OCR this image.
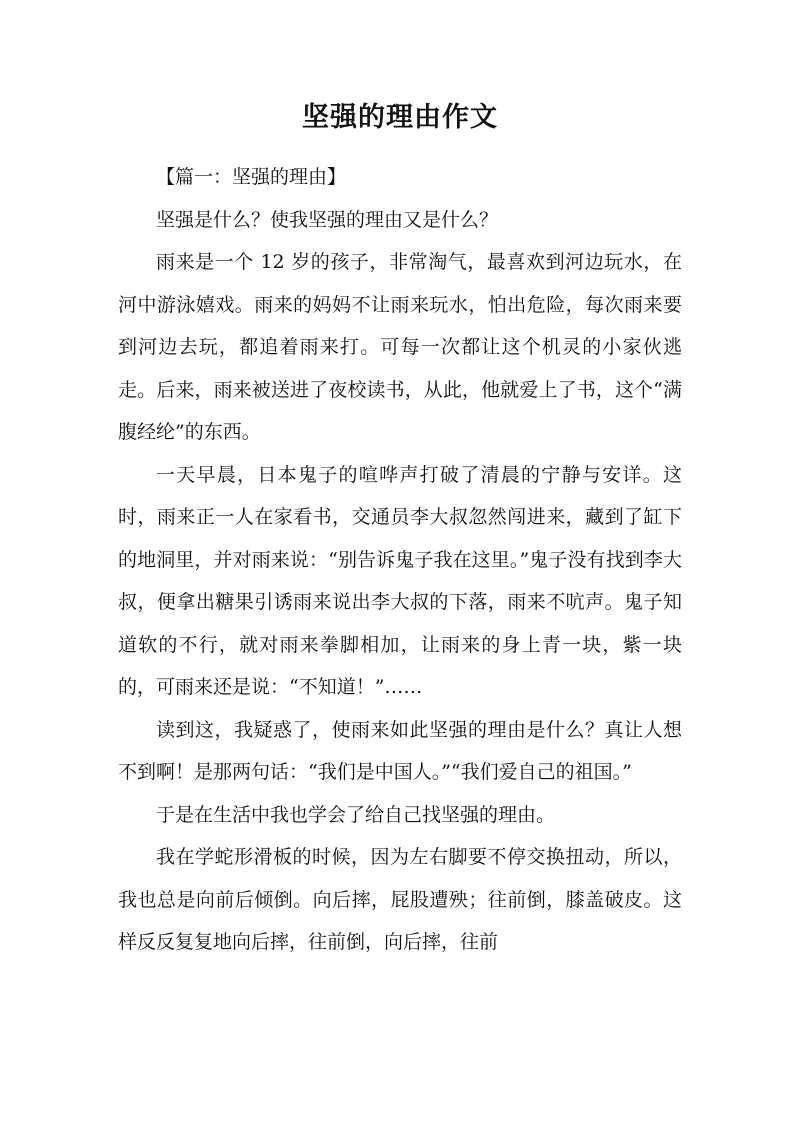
坚强的理由作文

【篇一：坚强的理由】

坚强是什么？使我坚强的理由又是什么？

雨来是一个 12 岁的孩子，非常淘气，最喜欢到河边玩水，在河中游泳嬉戏。雨来的妈妈不让雨来玩水，怕出危险，每次雨来要到河边去玩，都追着雨来打。可每一次都让这个机灵的小家伙逃走。后来，雨来被送进了夜校读书，从此，他就爱上了书，这个“满腹经纶”的东西。

一天早晨，日本鬼子的喧哗声打破了清晨的宁静与安详。这时，雨来正一人在家看书，交通员李大叔忽然闯进来，藏到了缸下的地洞里，并对雨来说：“别告诉鬼子我在这里。”鬼子没有找到李大叔，便拿出糖果引诱雨来说出李大叔的下落，雨来不吭声。鬼子知道软的不行，就对雨来拳脚相加，让雨来的身上青一块，紫一块的，可雨来还是说：“不知道！”……

读到这，我疑惑了，使雨来如此坚强的理由是什么？真让人想不到啊！是那两句话：“我们是中国人。”“我们爱自己的祖国。”

于是在生活中我也学会了给自己找坚强的理由。

我在学蛇形滑板的时候，因为左右脚要不停交换扭动，所以，我也总是向前后倾倒。向后摔，屁股遭殃；往前倒，膝盖破皮。这样反反复复地向后摔，往前倒，向后摔，往前
